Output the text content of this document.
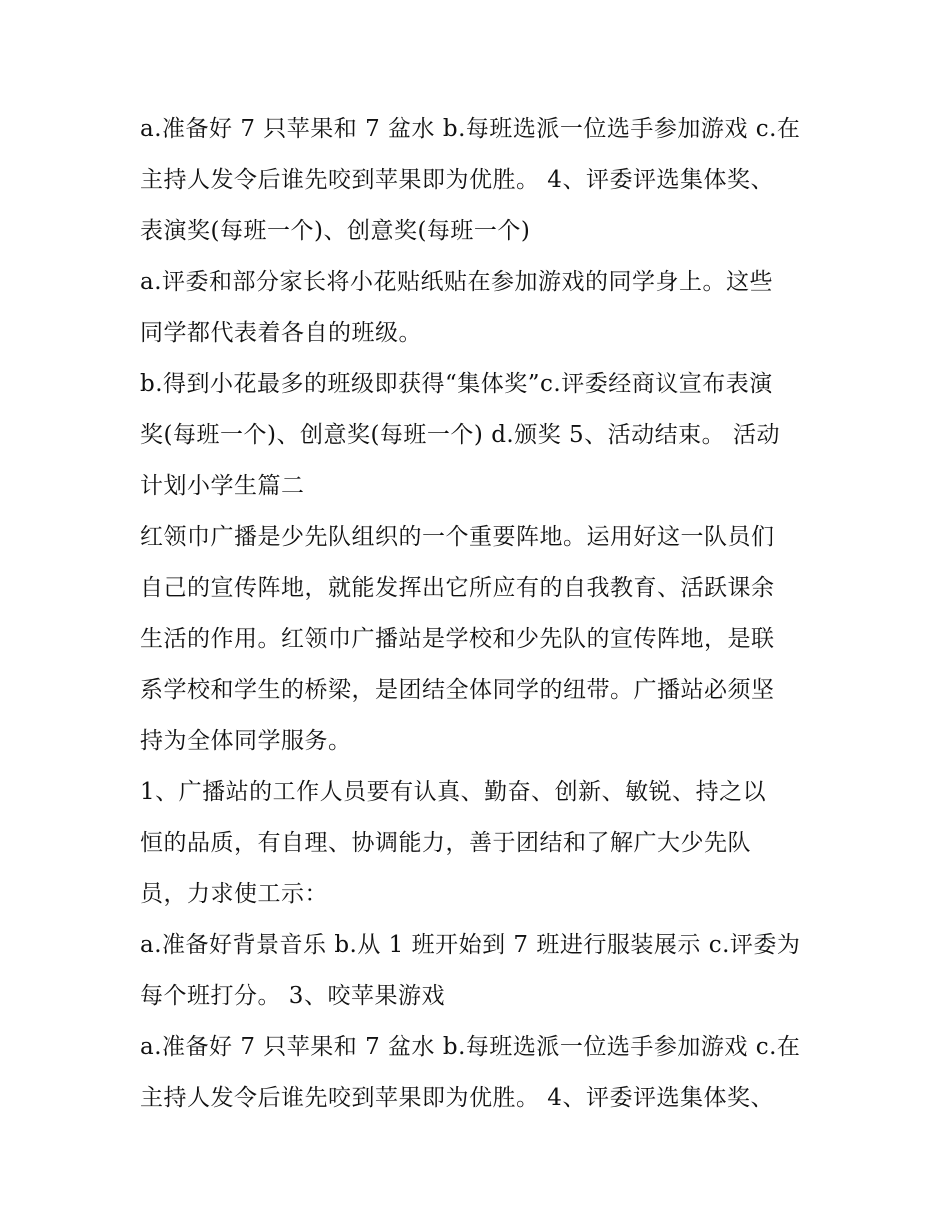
a.准备好 7 只苹果和 7 盆水 b.每班选派一位选手参加游戏 c.在
主持人发令后谁先咬到苹果即为优胜。 4、评委评选集体奖、
表演奖(每班一个)、创意奖(每班一个)
a.评委和部分家长将小花贴纸贴在参加游戏的同学身上。这些
同学都代表着各自的班级。
b.得到小花最多的班级即获得“集体奖”c.评委经商议宣布表演
奖(每班一个)、创意奖(每班一个) d.颁奖 5、活动结束。 活动
计划小学生篇二
红领巾广播是少先队组织的一个重要阵地。运用好这一队员们
自己的宣传阵地，就能发挥出它所应有的自我教育、活跃课余
生活的作用。红领巾广播站是学校和少先队的宣传阵地，是联
系学校和学生的桥梁，是团结全体同学的纽带。广播站必须坚
持为全体同学服务。
1、广播站的工作人员要有认真、勤奋、创新、敏锐、持之以
恒的品质，有自理、协调能力，善于团结和了解广大少先队
员，力求使工示：
a.准备好背景音乐 b.从 1 班开始到 7 班进行服装展示 c.评委为
每个班打分。 3、咬苹果游戏
a.准备好 7 只苹果和 7 盆水 b.每班选派一位选手参加游戏 c.在
主持人发令后谁先咬到苹果即为优胜。 4、评委评选集体奖、
